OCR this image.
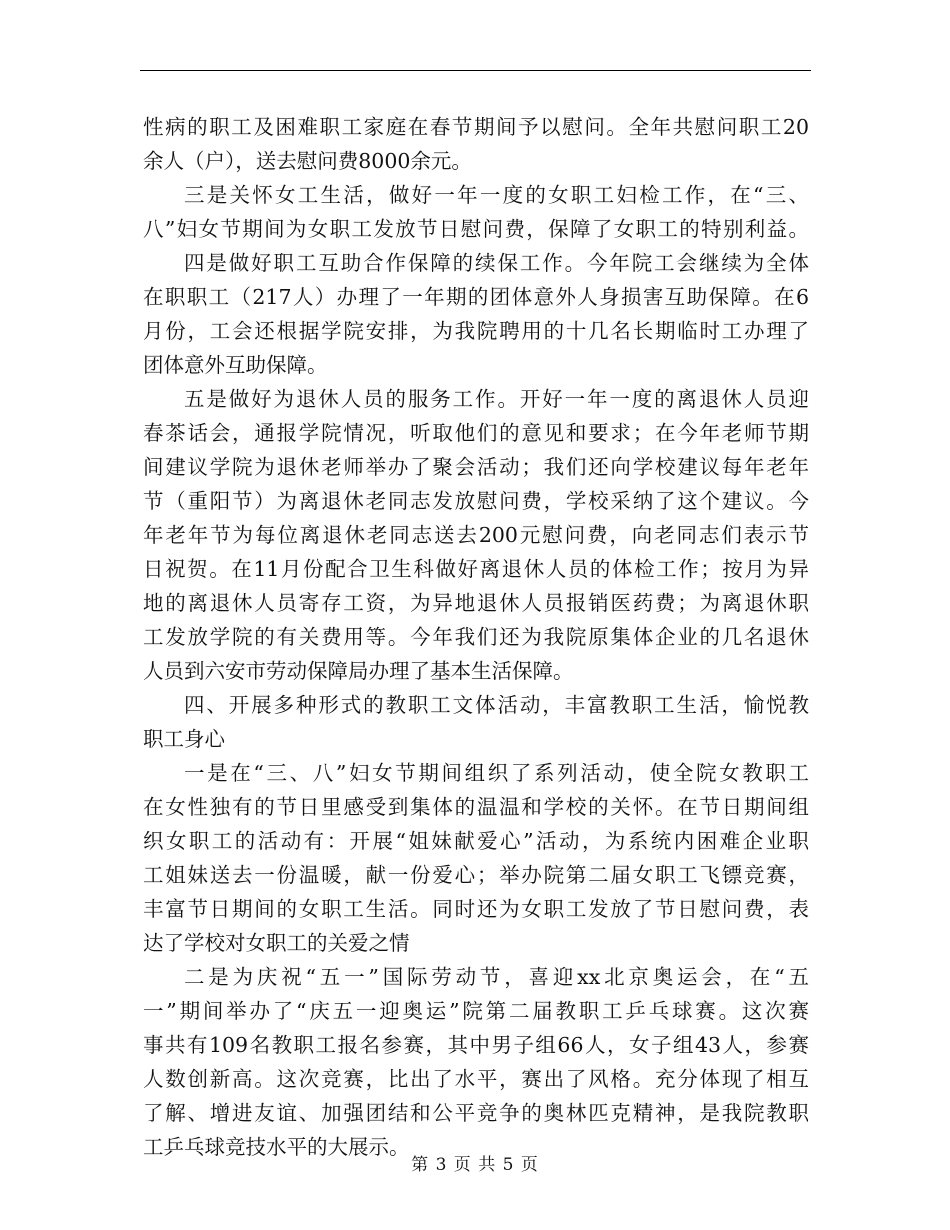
性病的职工及困难职工家庭在春节期间予以慰问。全年共慰问职工20
余人（户），送去慰问费8000余元。
三是关怀女工生活，做好一年一度的女职工妇检工作，在“三、
八”妇女节期间为女职工发放节日慰问费，保障了女职工的特别利益。
四是做好职工互助合作保障的续保工作。今年院工会继续为全体
在职职工（217人）办理了一年期的团体意外人身损害互助保障。在6
月份，工会还根据学院安排，为我院聘用的十几名长期临时工办理了
团体意外互助保障。
五是做好为退休人员的服务工作。开好一年一度的离退休人员迎
春茶话会，通报学院情况，听取他们的意见和要求；在今年老师节期
间建议学院为退休老师举办了聚会活动；我们还向学校建议每年老年
节（重阳节）为离退休老同志发放慰问费，学校采纳了这个建议。今
年老年节为每位离退休老同志送去200元慰问费，向老同志们表示节
日祝贺。在11月份配合卫生科做好离退休人员的体检工作；按月为异
地的离退休人员寄存工资，为异地退休人员报销医药费；为离退休职
工发放学院的有关费用等。今年我们还为我院原集体企业的几名退休
人员到六安市劳动保障局办理了基本生活保障。
四、开展多种形式的教职工文体活动，丰富教职工生活，愉悦教
职工身心
一是在“三、八”妇女节期间组织了系列活动，使全院女教职工
在女性独有的节日里感受到集体的温温和学校的关怀。在节日期间组
织女职工的活动有：开展“姐妹献爱心”活动，为系统内困难企业职
工姐妹送去一份温暖，献一份爱心；举办院第二届女职工飞镖竞赛，
丰富节日期间的女职工生活。同时还为女职工发放了节日慰问费，表
达了学校对女职工的关爱之情
二是为庆祝“五一”国际劳动节，喜迎xx北京奥运会，在“五
一”期间举办了“庆五一迎奥运”院第二届教职工乒乓球赛。这次赛
事共有109名教职工报名参赛，其中男子组66人，女子组43人，参赛
人数创新高。这次竞赛，比出了水平，赛出了风格。充分体现了相互
了解、增进友谊、加强团结和公平竞争的奥林匹克精神，是我院教职
工乒乓球竞技水平的大展示。
第 3 页 共 5 页
